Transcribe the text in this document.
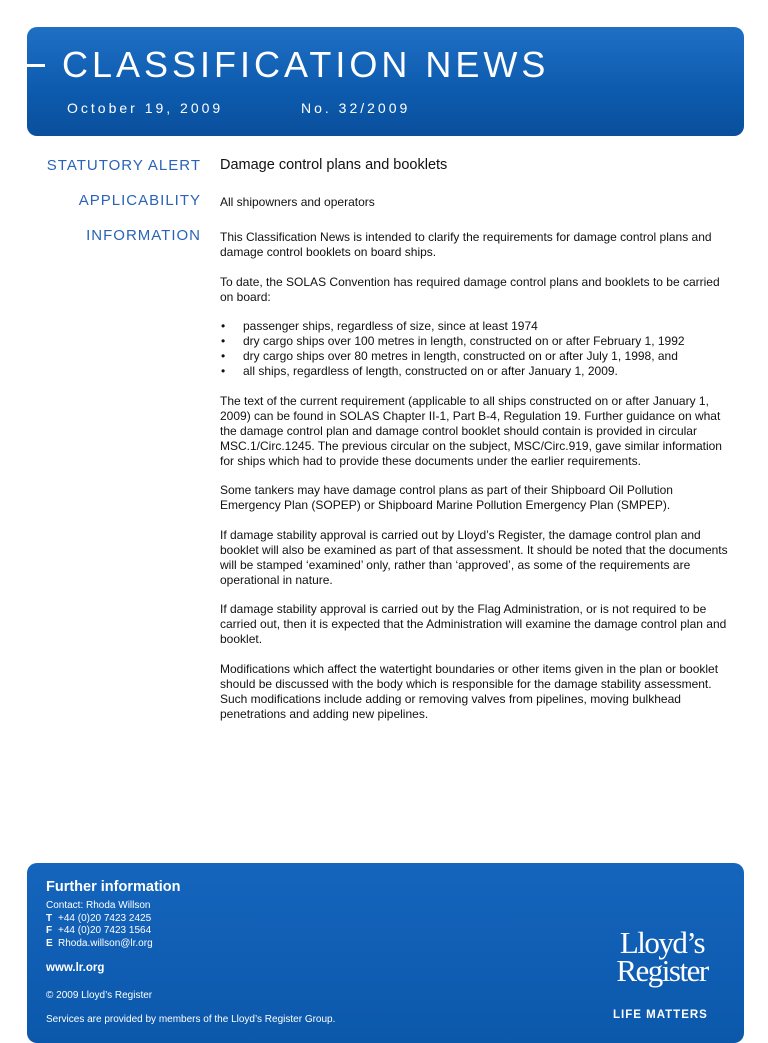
CLASSIFICATION NEWS
October 19, 2009	No. 32/2009
STATUTORY ALERT
APPLICABILITY
INFORMATION
Damage control plans and booklets
All shipowners and operators

This Classification News is intended to clarify the requirements for damage control plans and damage control booklets on board ships.

To date, the SOLAS Convention has required damage control plans and booklets to be carried on board:

• passenger ships, regardless of size, since at least 1974
• dry cargo ships over 100 metres in length, constructed on or after February 1, 1992
• dry cargo ships over 80 metres in length, constructed on or after July 1, 1998, and
• all ships, regardless of length, constructed on or after January 1, 2009.

The text of the current requirement (applicable to all ships constructed on or after January 1, 2009) can be found in SOLAS Chapter II-1, Part B-4, Regulation 19. Further guidance on what the damage control plan and damage control booklet should contain is provided in circular MSC.1/Circ.1245. The previous circular on the subject, MSC/Circ.919, gave similar information for ships which had to provide these documents under the earlier requirements.

Some tankers may have damage control plans as part of their Shipboard Oil Pollution Emergency Plan (SOPEP) or Shipboard Marine Pollution Emergency Plan (SMPEP).

If damage stability approval is carried out by Lloyd’s Register, the damage control plan and booklet will also be examined as part of that assessment. It should be noted that the documents will be stamped ‘examined’ only, rather than ‘approved’, as some of the requirements are operational in nature.

If damage stability approval is carried out by the Flag Administration, or is not required to be carried out, then it is expected that the Administration will examine the damage control plan and booklet.

Modifications which affect the watertight boundaries or other items given in the plan or booklet should be discussed with the body which is responsible for the damage stability assessment. Such modifications include adding or removing valves from pipelines, moving bulkhead penetrations and adding new pipelines.

Further information
Contact: Rhoda Willson
T +44 (0)20 7423 2425
F +44 (0)20 7423 1564
E Rhoda.willson@lr.org
www.lr.org
© 2009 Lloyd’s Register
Services are provided by members of the Lloyd’s Register Group.
Lloyd’s
Register
LIFE MATTERS
